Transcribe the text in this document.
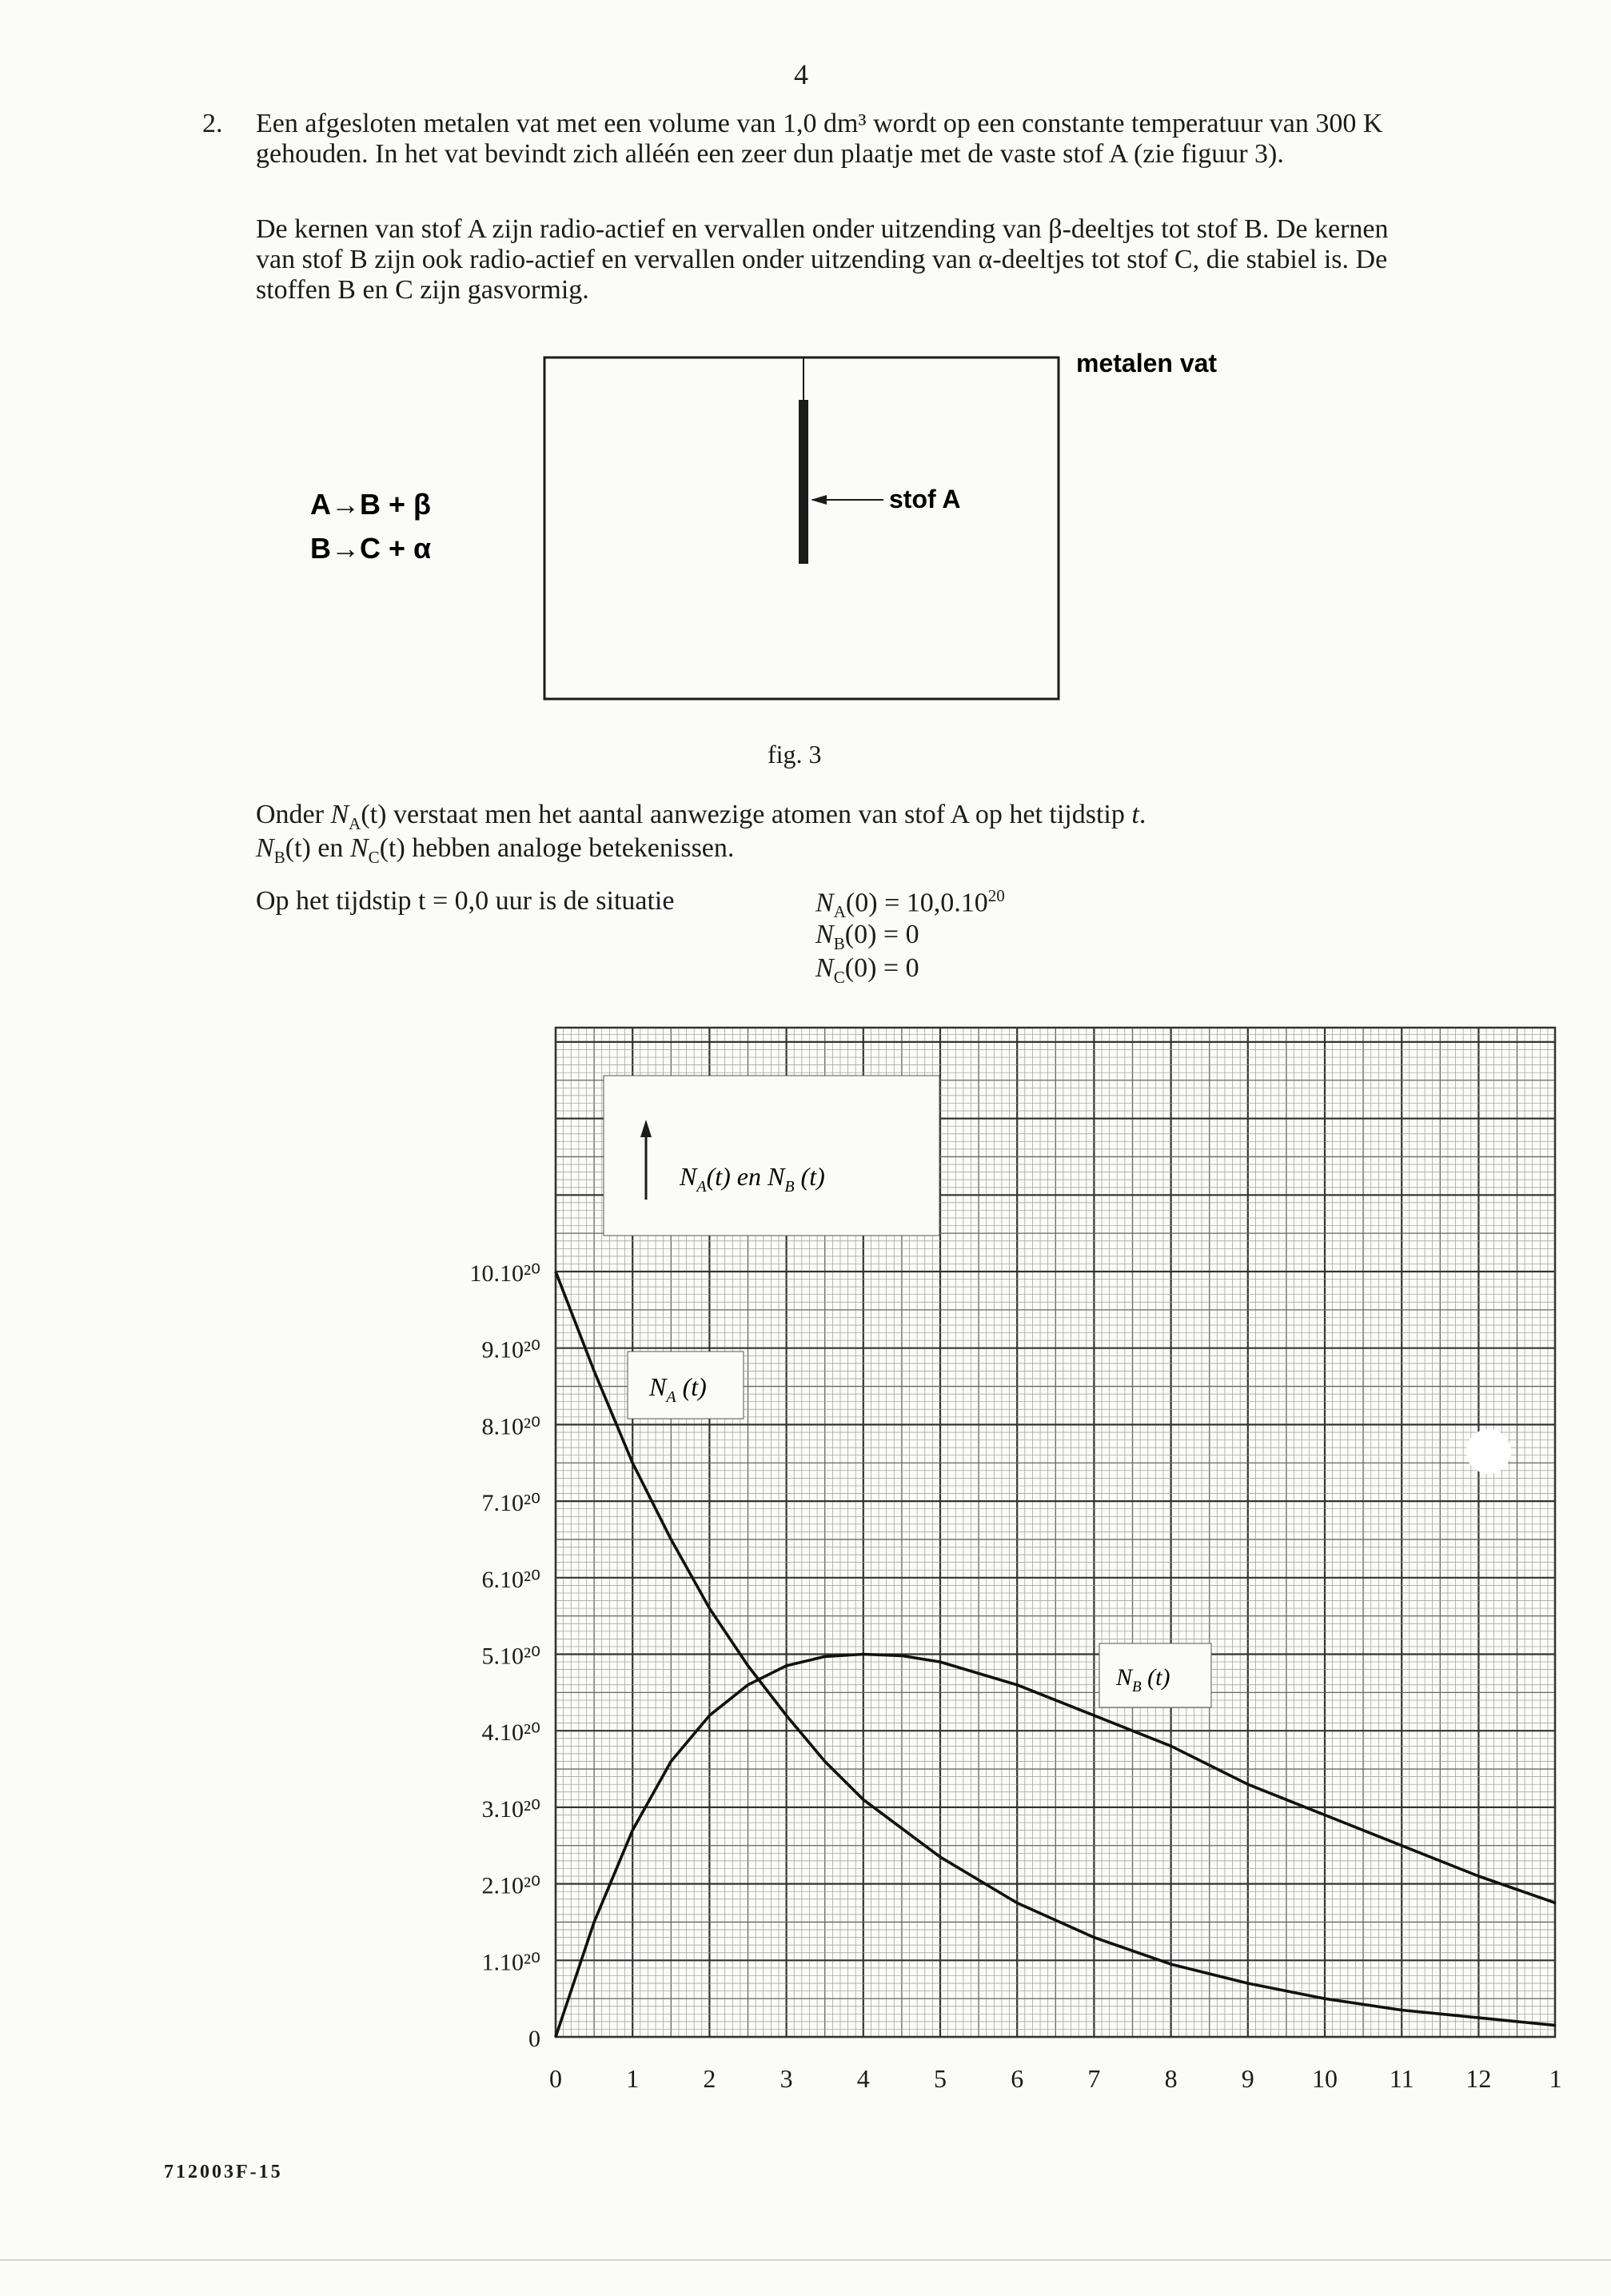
4
2. Een afgesloten metalen vat met een volume van 1,0 dm³ wordt op een constante temperatuur van 300 K gehouden. In het vat bevindt zich alléén een zeer dun plaatje met de vaste stof A (zie figuur 3).

De kernen van stof A zijn radio-actief en vervallen onder uitzending van β-deeltjes tot stof B. De kernen van stof B zijn ook radio-actief en vervallen onder uitzending van α-deeltjes tot stof C, die stabiel is. De stoffen B en C zijn gasvormig.

stof A
metalen vat
A→B + β
B→C + α
fig. 3
Onder $N_A(t)$ verstaat men het aantal aanwezige atomen van stof A op het tijdstip t.
$N_B(t)$ en $N_C(t)$ hebben analoge betekenissen.
Op het tijdstip t = 0,0 uur is de situatie	$N_A(0) = 10,0.10^{20}$
$N_B(0) = 0$
$N_C(0) = 0$
$N_A(t)$ en $N_B$ (t)
$N_A$ (t)
$N_B$ (t)
0
1.10²⁰
2.10²⁰
3.10²⁰
4.10²⁰
5.10²⁰
6.10²⁰
7.10²⁰
8.10²⁰
9.10²⁰
10.10²⁰
0	1	2	3	4	5	6	7	8	9 10 11 12 1
712003F-15
